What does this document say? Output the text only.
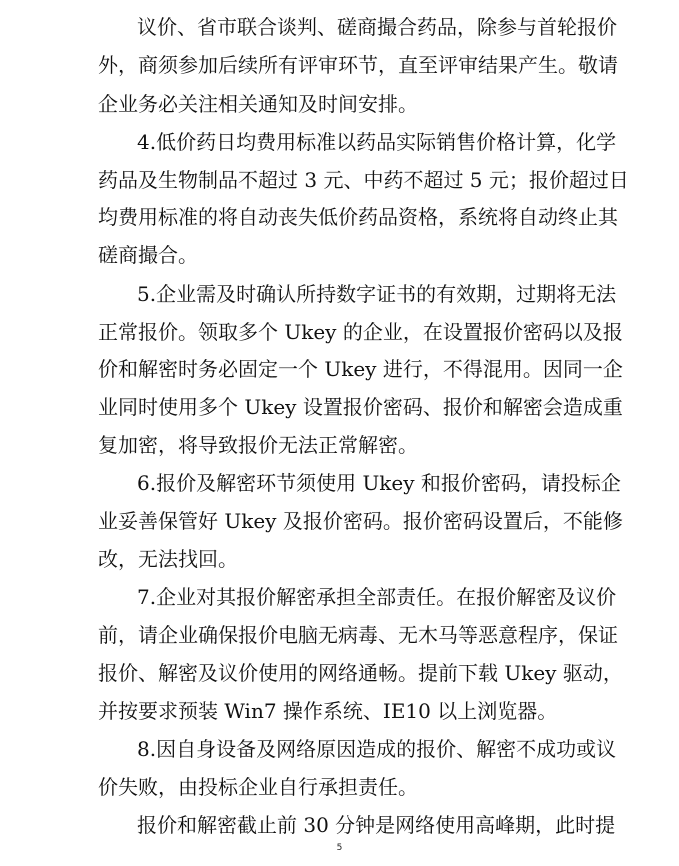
议价、省市联合谈判、磋商撮合药品，除参与首轮报价
外，商须参加后续所有评审环节，直至评审结果产生。敬请
企业务必关注相关通知及时间安排。
4.低价药日均费用标准以药品实际销售价格计算，化学
药品及生物制品不超过 3 元、中药不超过 5 元；报价超过日
均费用标准的将自动丧失低价药品资格，系统将自动终止其
磋商撮合。
5.企业需及时确认所持数字证书的有效期，过期将无法
正常报价。领取多个 Ukey 的企业，在设置报价密码以及报
价和解密时务必固定一个 Ukey 进行，不得混用。因同一企
业同时使用多个 Ukey 设置报价密码、报价和解密会造成重
复加密，将导致报价无法正常解密。
6.报价及解密环节须使用 Ukey 和报价密码，请投标企
业妥善保管好 Ukey 及报价密码。报价密码设置后，不能修
改，无法找回。
7.企业对其报价解密承担全部责任。在报价解密及议价
前，请企业确保报价电脑无病毒、无木马等恶意程序，保证
报价、解密及议价使用的网络通畅。提前下载 Ukey 驱动，
并按要求预装 Win7 操作系统、IE10 以上浏览器。
8.因自身设备及网络原因造成的报价、解密不成功或议
价失败，由投标企业自行承担责任。
报价和解密截止前 30 分钟是网络使用高峰期，此时提
5
